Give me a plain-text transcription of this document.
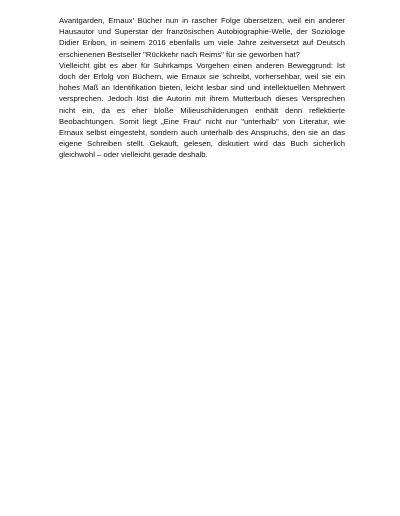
Avantgarden, Ernaux’ Bücher nun in rascher Folge übersetzen, weil ein anderer Hausautor und Superstar der französischen Autobiographie-Welle, der Soziologe Didier Eribon, in seinem 2016 ebenfalls um viele Jahre zeitversetzt auf Deutsch erschienenen Bestseller "Rückkehr nach Reims" für sie geworben hat?

Vielleicht gibt es aber für Suhrkamps Vorgehen einen anderen Beweggrund: Ist doch der Erfolg von Büchern, wie Ernaux sie schreibt, vorhersehbar, weil sie ein hohes Maß an Identifikation bieten, leicht lesbar sind und intellektuellen Mehrwert versprechen. Jedoch löst die Autorin mit ihrem Mutterbuch dieses Versprechen nicht ein, da es eher bloße Milieuschilderungen enthält denn reflektierte Beobachtungen. Somit liegt „Eine Frau“ nicht nur "unterhalb" von Literatur, wie Ernaux selbst eingesteht, sondern auch unterhalb des Anspruchs, den sie an das eigene Schreiben stellt. Gekauft, gelesen, diskutiert wird das Buch sicherlich gleichwohl – oder vielleicht gerade deshalb.
